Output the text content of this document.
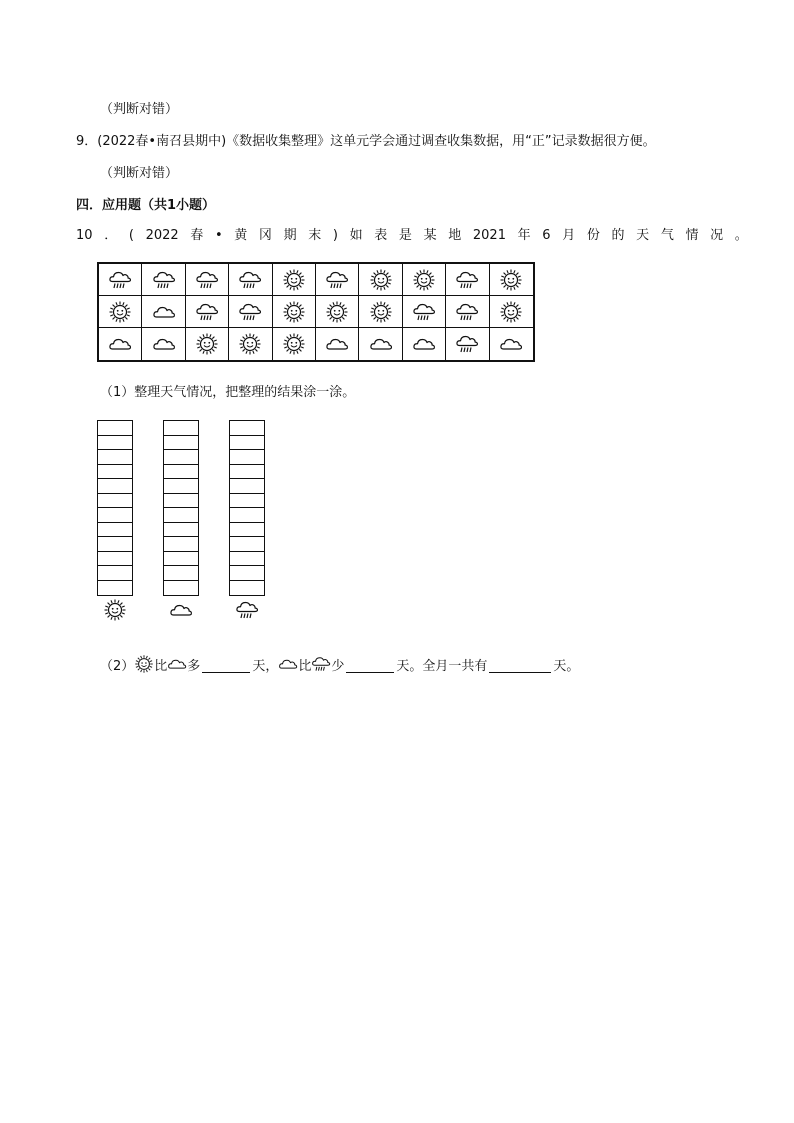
（判断对错）
9．(2022春•南召县期中)《数据收集整理》这单元学会通过调查收集数据，用“正”记录数据很方便。
（判断对错）
四．应用题（共1小题）
10 ． ( 2022 春 • 黄 冈 期 末 ) 如 表 是 某 地 2021 年 6 月 份 的 天 气 情 况 。
（1）整理天气情况，把整理的结果涂一涂。
（2） 比 多	天， 比 少	天。全月一共有	天。
